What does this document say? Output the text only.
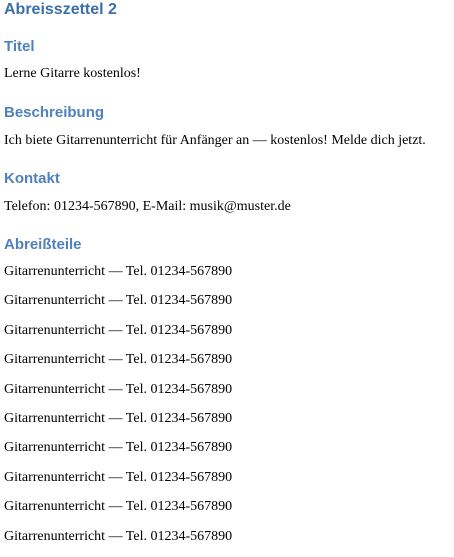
Abreisszettel 2
Titel

Lerne Gitarre kostenlos!

Beschreibung

Ich biete Gitarrenunterricht für Anfänger an — kostenlos! Melde dich jetzt.

Kontakt

Telefon: 01234-567890, E-Mail: musik@muster.de

Abreißteile
Gitarrenunterricht — Tel. 01234-567890
Gitarrenunterricht — Tel. 01234-567890
Gitarrenunterricht — Tel. 01234-567890
Gitarrenunterricht — Tel. 01234-567890
Gitarrenunterricht — Tel. 01234-567890
Gitarrenunterricht — Tel. 01234-567890
Gitarrenunterricht — Tel. 01234-567890
Gitarrenunterricht — Tel. 01234-567890
Gitarrenunterricht — Tel. 01234-567890
Gitarrenunterricht — Tel. 01234-567890
